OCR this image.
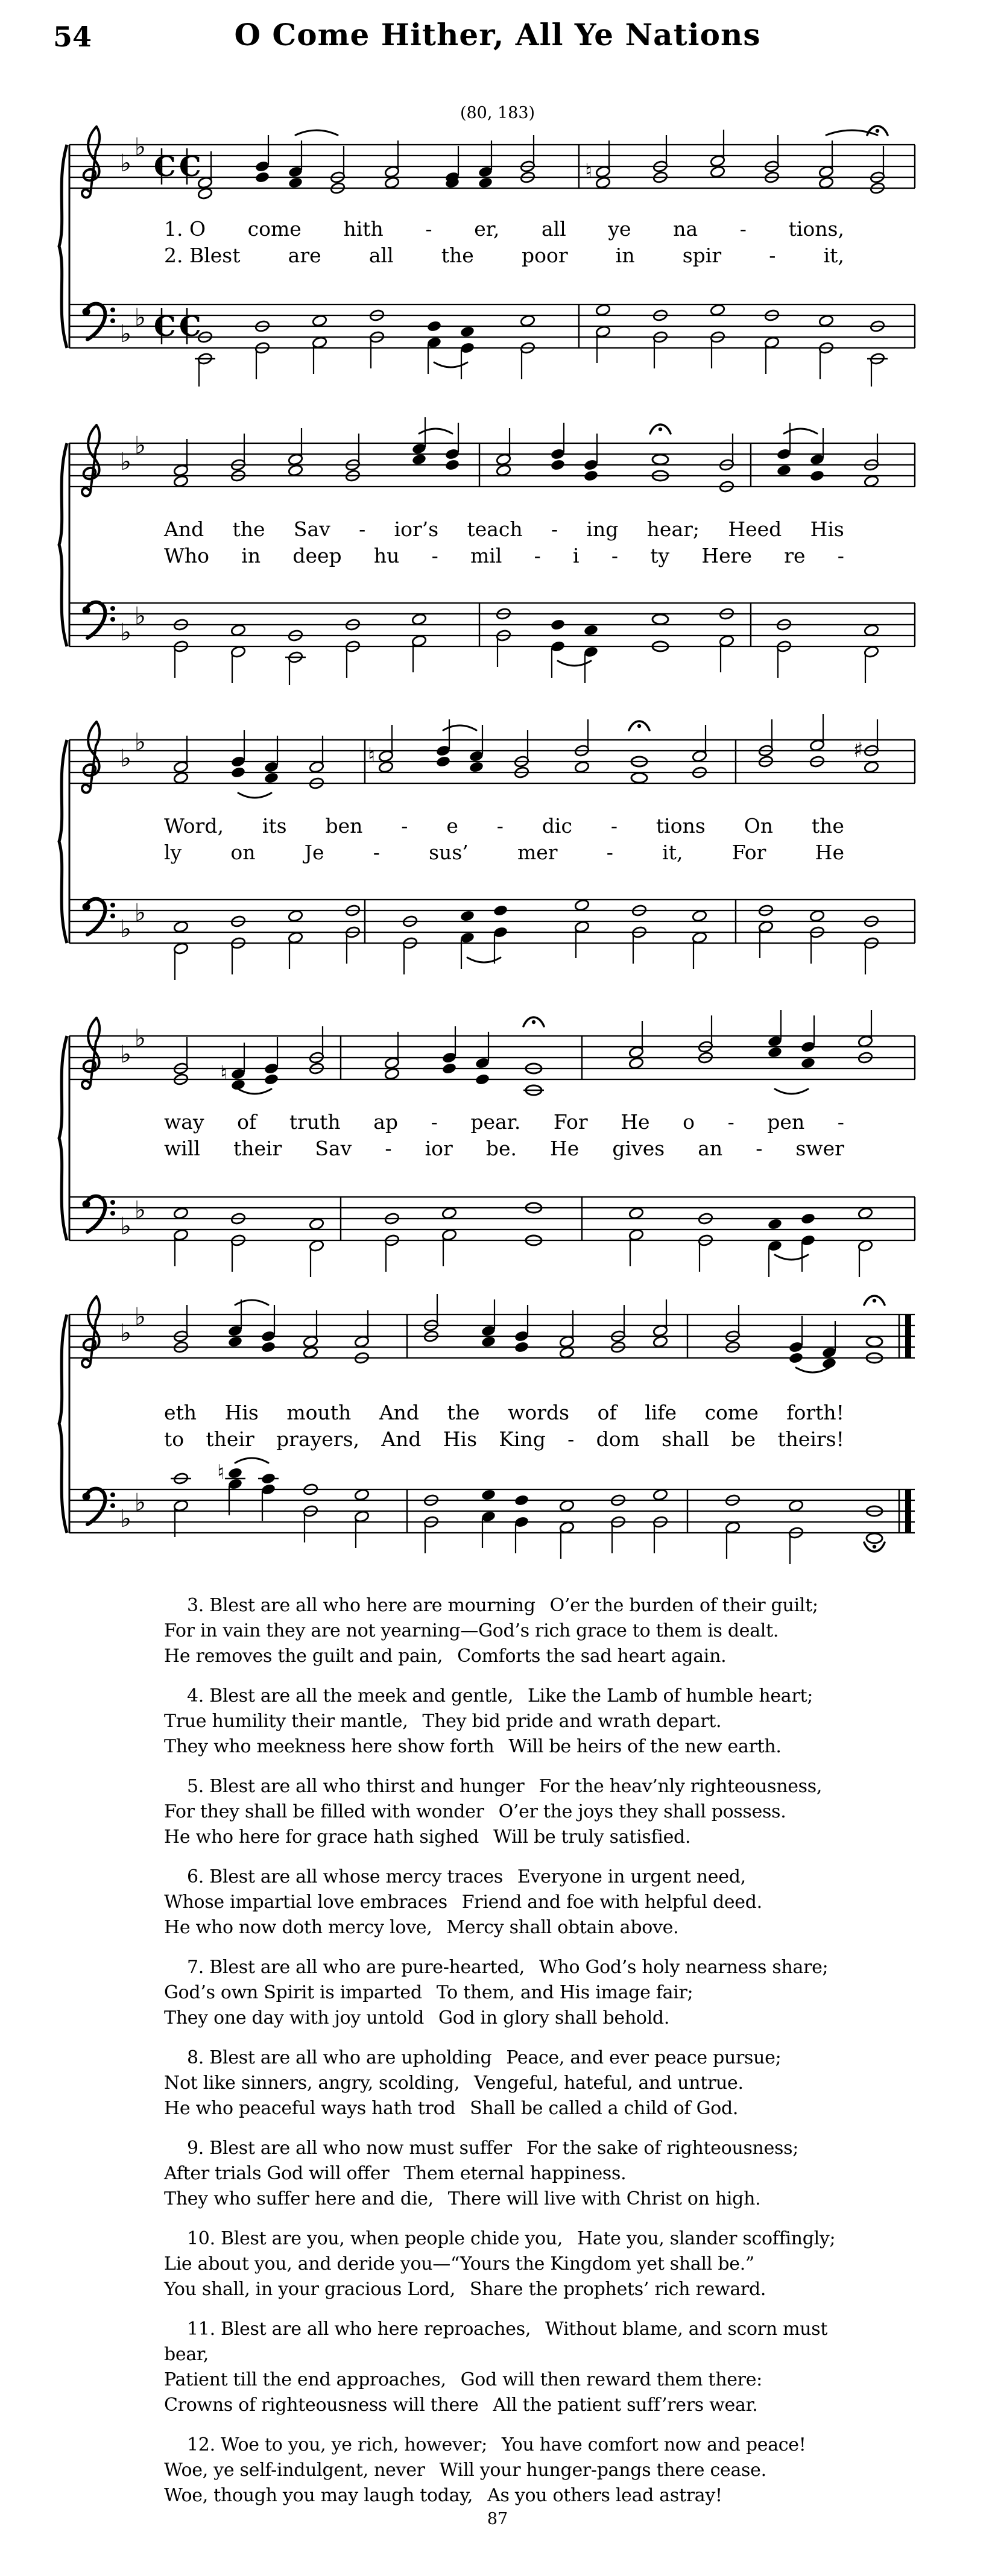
54	O Come Hither, All Ye Nations
(80, 183)
♭
♭
C C	♮
♭
♭ C C
♭
♭
♭
♭
♭
♭	♮	♯
♭
♭
♭
♭
♮
♭
♭
♭
♭
♭
♭
♮
3. Blest are all who here are mourning  O’er the burden of their guilt;
For in vain they are not yearning—God’s rich grace to them is dealt.
He removes the guilt and pain,  Comforts the sad heart again.
4. Blest are all the meek and gentle,  Like the Lamb of humble heart;
True humility their mantle,  They bid pride and wrath depart.
They who meekness here show forth  Will be heirs of the new earth.
5. Blest are all who thirst and hunger  For the heav’nly righteousness,
For they shall be filled with wonder  O’er the joys they shall possess.
He who here for grace hath sighed  Will be truly satisfied.
6. Blest are all whose mercy traces  Everyone in urgent need,
Whose impartial love embraces  Friend and foe with helpful deed.
He who now doth mercy love,  Mercy shall obtain above.
7. Blest are all who are pure-hearted,  Who God’s holy nearness share;
God’s own Spirit is imparted  To them, and His image fair;
They one day with joy untold  God in glory shall behold.
8. Blest are all who are upholding  Peace, and ever peace pursue;
Not like sinners, angry, scolding,  Vengeful, hateful, and untrue.
He who peaceful ways hath trod  Shall be called a child of God.
9. Blest are all who now must suffer  For the sake of righteousness;
After trials God will offer  Them eternal happiness.
They who suffer here and die,  There will live with Christ on high.
10. Blest are you, when people chide you,  Hate you, slander scoffingly;
Lie about you, and deride you—“Yours the Kingdom yet shall be.”
You shall, in your gracious Lord,  Share the prophets’ rich reward.
11. Blest are all who here reproaches,  Without blame, and scorn must bear,
Patient till the end approaches,  God will then reward them there:
Crowns of righteousness will there  All the patient suff’rers wear.
12. Woe to you, ye rich, however;  You have comfort now and peace!
Woe, ye self-indulgent, never  Will your hunger-pangs there cease.
Woe, though you may laugh today,  As you others lead astray!
87
1. O come hith - er, all ye na - tions,
2. Blest are all the poor in spir - it,
And the Sav - ior’s teach - ing hear; Heed His
Who in deep hu - mil - i - ty Here re -
Word, its ben - e - dic - tions On the
ly on Je - sus’ mer - it, For He
way of truth ap - pear. For He o - pen -
will their Sav - ior be. He gives an - swer
eth His mouth And the words of life come forth!
to their prayers, And His King - dom shall be theirs!
